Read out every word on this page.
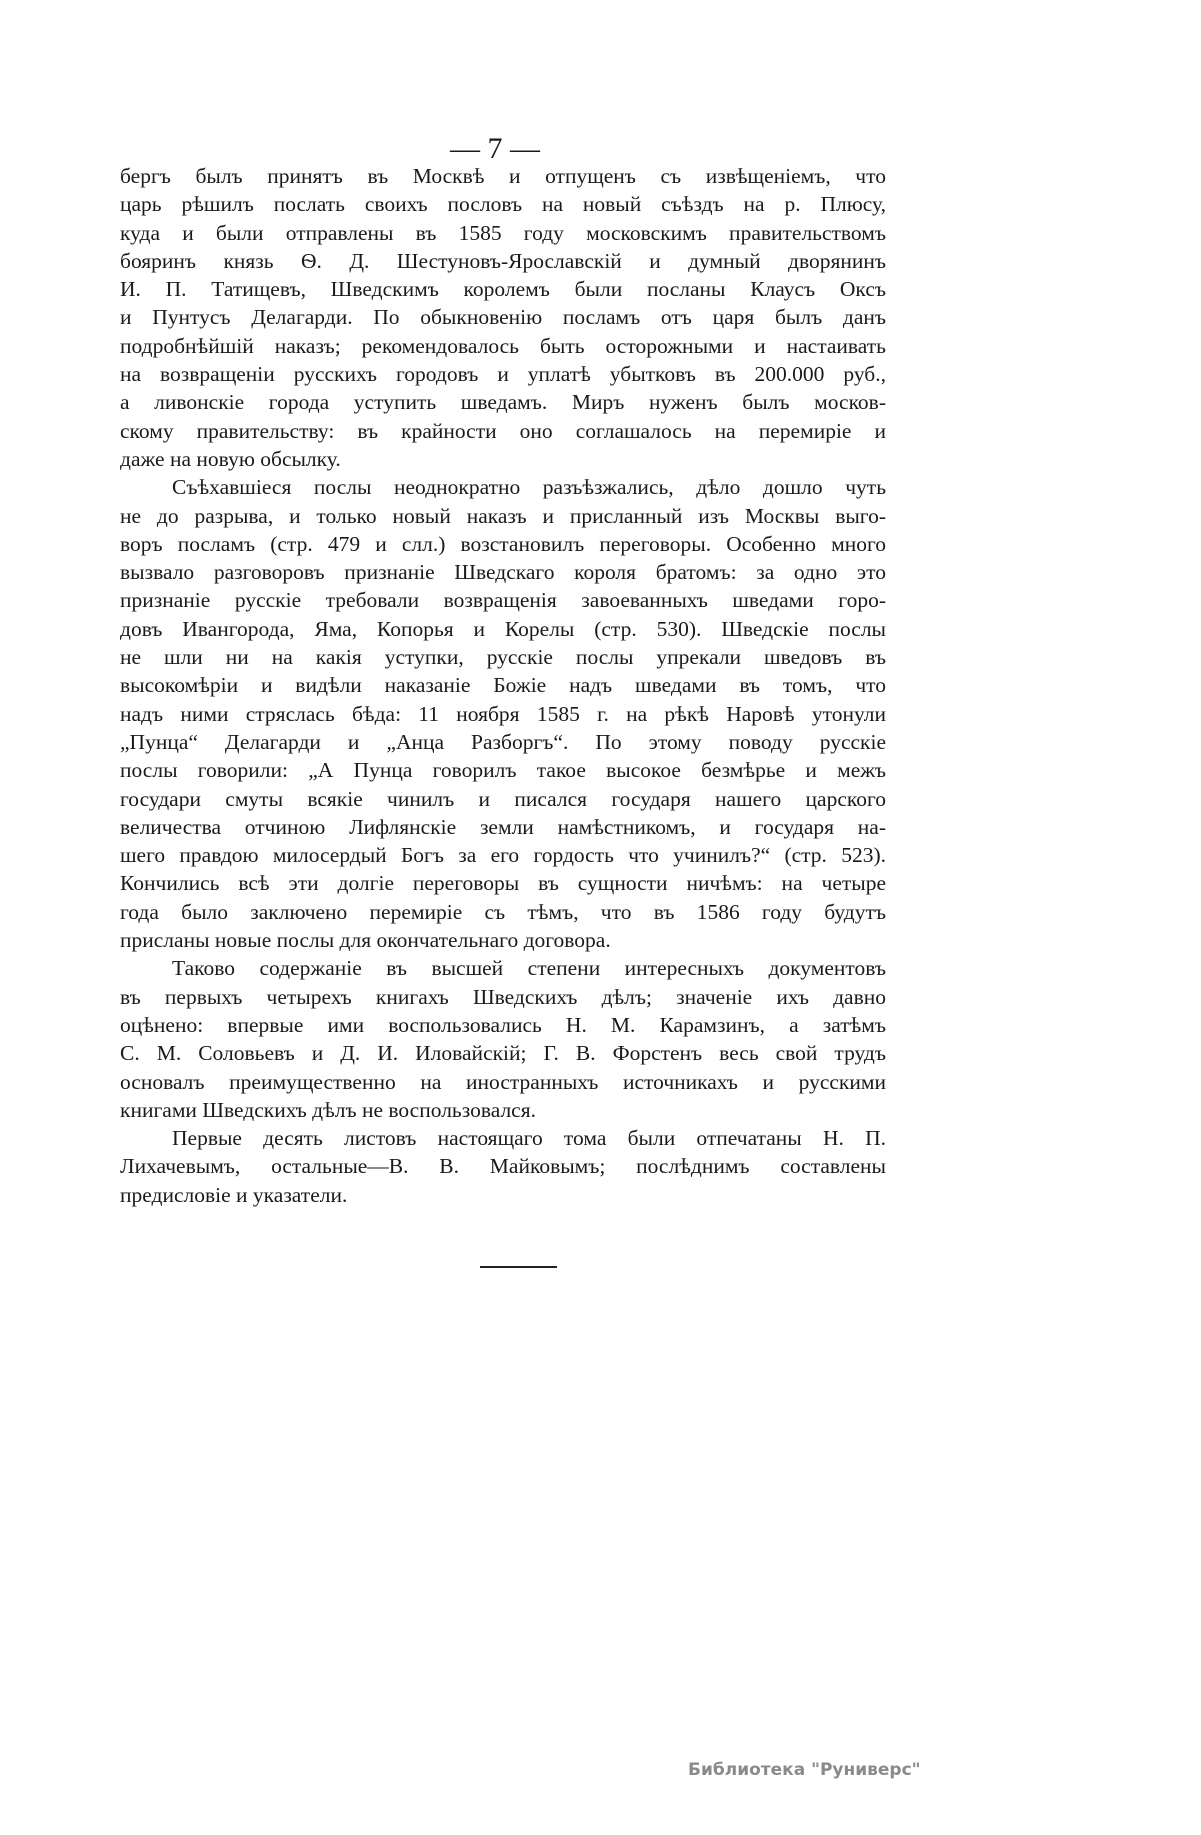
— 7 —
бергъ былъ принятъ въ Москвѣ и отпущенъ съ извѣщеніемъ, что
царь рѣшилъ послать своихъ пословъ на новый съѣздъ на р. Плюсу,
куда и были отправлены въ 1585 году московскимъ правительствомъ
бояринъ князь Ѳ. Д. Шестуновъ-Ярославскій и думный дворянинъ
И. П. Татищевъ, Шведскимъ королемъ были посланы Клаусъ Оксъ
и Пунтусъ Делагарди. По обыкновенію посламъ отъ царя былъ данъ
подробнѣйшій наказъ; рекомендовалось быть осторожными и настаивать
на возвращеніи русскихъ городовъ и уплатѣ убытковъ въ 200.000 руб.,
а ливонскіе города уступить шведамъ. Миръ нуженъ былъ москов-
скому правительству: въ крайности оно соглашалось на перемиріе и
даже на новую обсылку.
Съѣхавшіеся послы неоднократно разъѣзжались, дѣло дошло чуть
не до разрыва, и только новый наказъ и присланный изъ Москвы выго-
воръ посламъ (стр. 479 и слл.) возстановилъ переговоры. Особенно много
вызвало разговоровъ признаніе Шведскаго короля братомъ: за одно это
признаніе русскіе требовали возвращенія завоеванныхъ шведами горо-
довъ Ивангорода, Яма, Копорья и Корелы (стр. 530). Шведскіе послы
не шли ни на какія уступки, русскіе послы упрекали шведовъ въ
высокомѣріи и видѣли наказаніе Божіе надъ шведами въ томъ, что
надъ ними стряслась бѣда: 11 ноября 1585 г. на рѣкѣ Наровѣ утонули
„Пунца“ Делагарди и „Анца Разборгъ“. По этому поводу русскіе
послы говорили: „А Пунца говорилъ такое высокое безмѣрье и межъ
государи смуты всякіе чинилъ и писался государя нашего царского
величества отчиною Лифлянскіе земли намѣстникомъ, и государя на-
шего правдою милосердый Богъ за его гордость что учинилъ?“ (стр. 523).
Кончились всѣ эти долгіе переговоры въ сущности ничѣмъ: на четыре
года было заключено перемиріе съ тѣмъ, что въ 1586 году будутъ
присланы новые послы для окончательнаго договора.
Таково содержаніе въ высшей степени интересныхъ документовъ
въ первыхъ четырехъ книгахъ Шведскихъ дѣлъ; значеніе ихъ давно
оцѣнено: впервые ими воспользовались Н. М. Карамзинъ, а затѣмъ
С. М. Соловьевъ и Д. И. Иловайскій; Г. В. Форстенъ весь свой трудъ
основалъ преимущественно на иностранныхъ источникахъ и русскими
книгами Шведскихъ дѣлъ не воспользовался.
Первые десять листовъ настоящаго тома были отпечатаны Н. П.
Лихачевымъ, остальные—В. В. Майковымъ; послѣднимъ составлены
предисловіе и указатели.
Библиотека "Руниверс"
